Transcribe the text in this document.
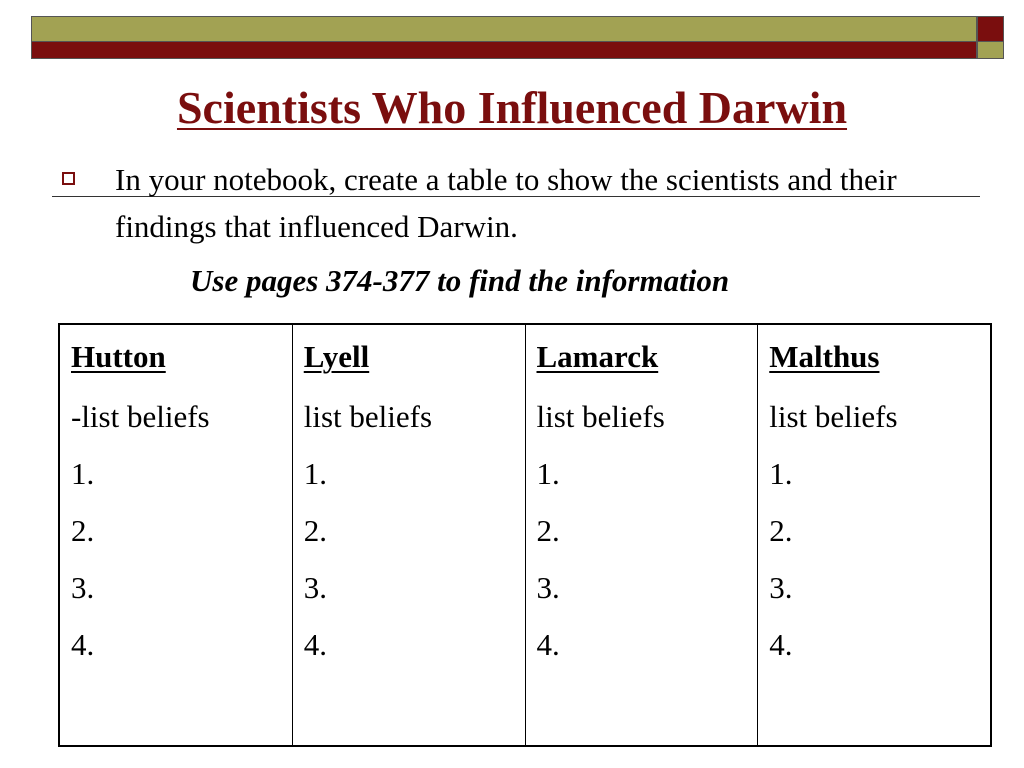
Scientists Who Influenced Darwin
In your notebook, create a table to show the scientists and their findings that influenced Darwin.
Use pages 374-377 to find the information
Hutton
-list beliefs
1.
2.
3.
4.
Lyell
list beliefs
1.
2.
3.
4.
Lamarck
list beliefs
1.
2.
3.
4.
Malthus
list beliefs
1.
2.
3.
4.
